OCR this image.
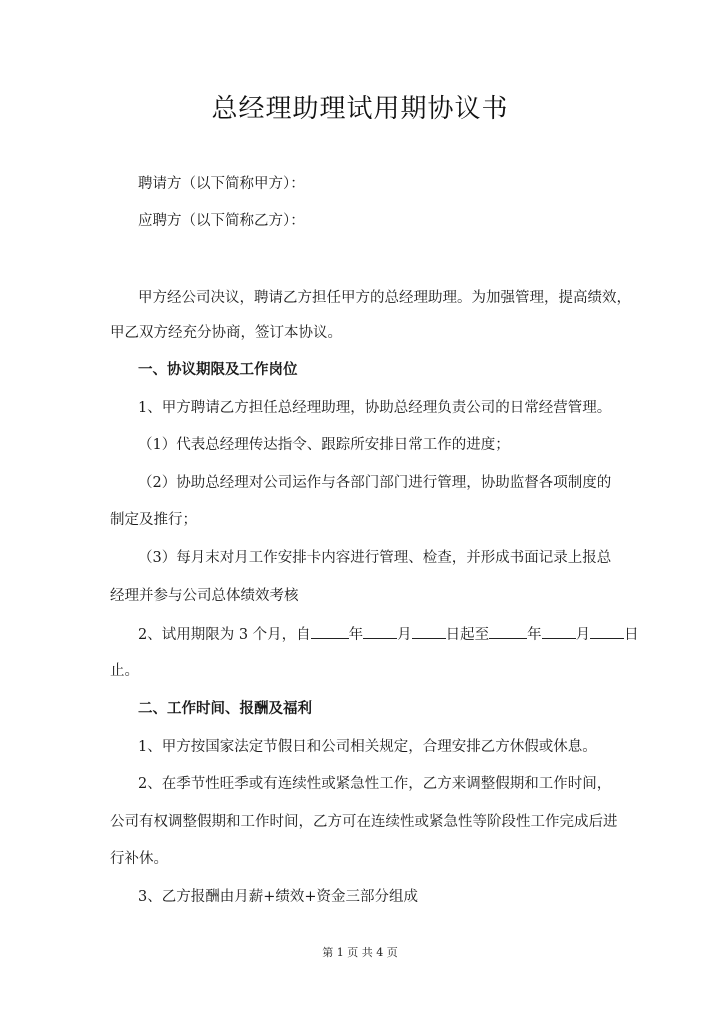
总经理助理试用期协议书
聘请方（以下简称甲方）：
应聘方（以下简称乙方）：
甲方经公司决议，聘请乙方担任甲方的总经理助理。为加强管理，提高绩效，
甲乙双方经充分协商，签订本协议。
一、协议期限及工作岗位
1、甲方聘请乙方担任总经理助理，协助总经理负责公司的日常经营管理。
（1）代表总经理传达指令、跟踪所安排日常工作的进度；
（2）协助总经理对公司运作与各部门部门进行管理，协助监督各项制度的
制定及推行；
（3）每月末对月工作安排卡内容进行管理、检查，并形成书面记录上报总
经理并参与公司总体绩效考核
2、试用期限为 3 个月，自	年 月 日起至	年 月 日
止。
二、工作时间、报酬及福利
1、甲方按国家法定节假日和公司相关规定，合理安排乙方休假或休息。
2、在季节性旺季或有连续性或紧急性工作，乙方来调整假期和工作时间，
公司有权调整假期和工作时间，乙方可在连续性或紧急性等阶段性工作完成后进
行补休。
3、乙方报酬由月薪+绩效+资金三部分组成
第 1 页 共 4 页
